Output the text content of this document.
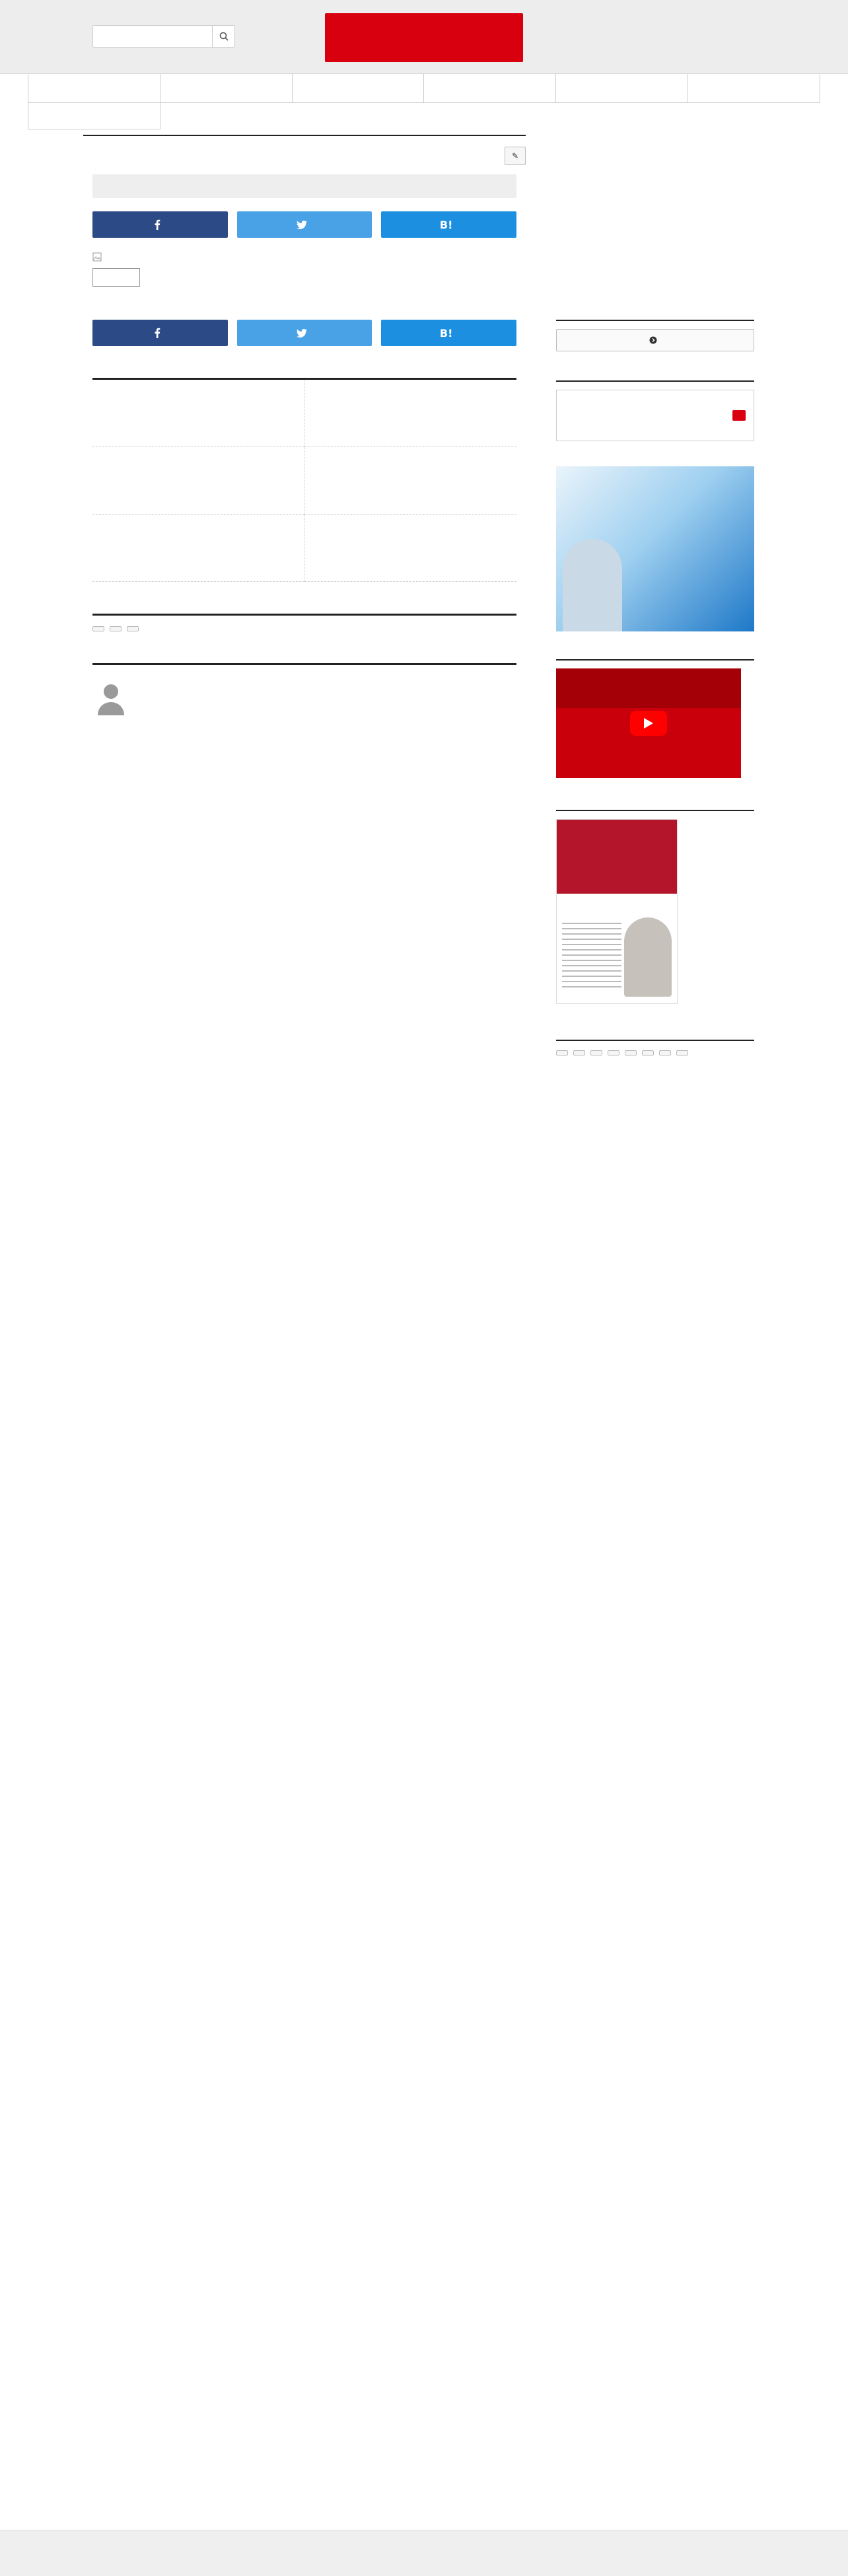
B!
B!
✎
